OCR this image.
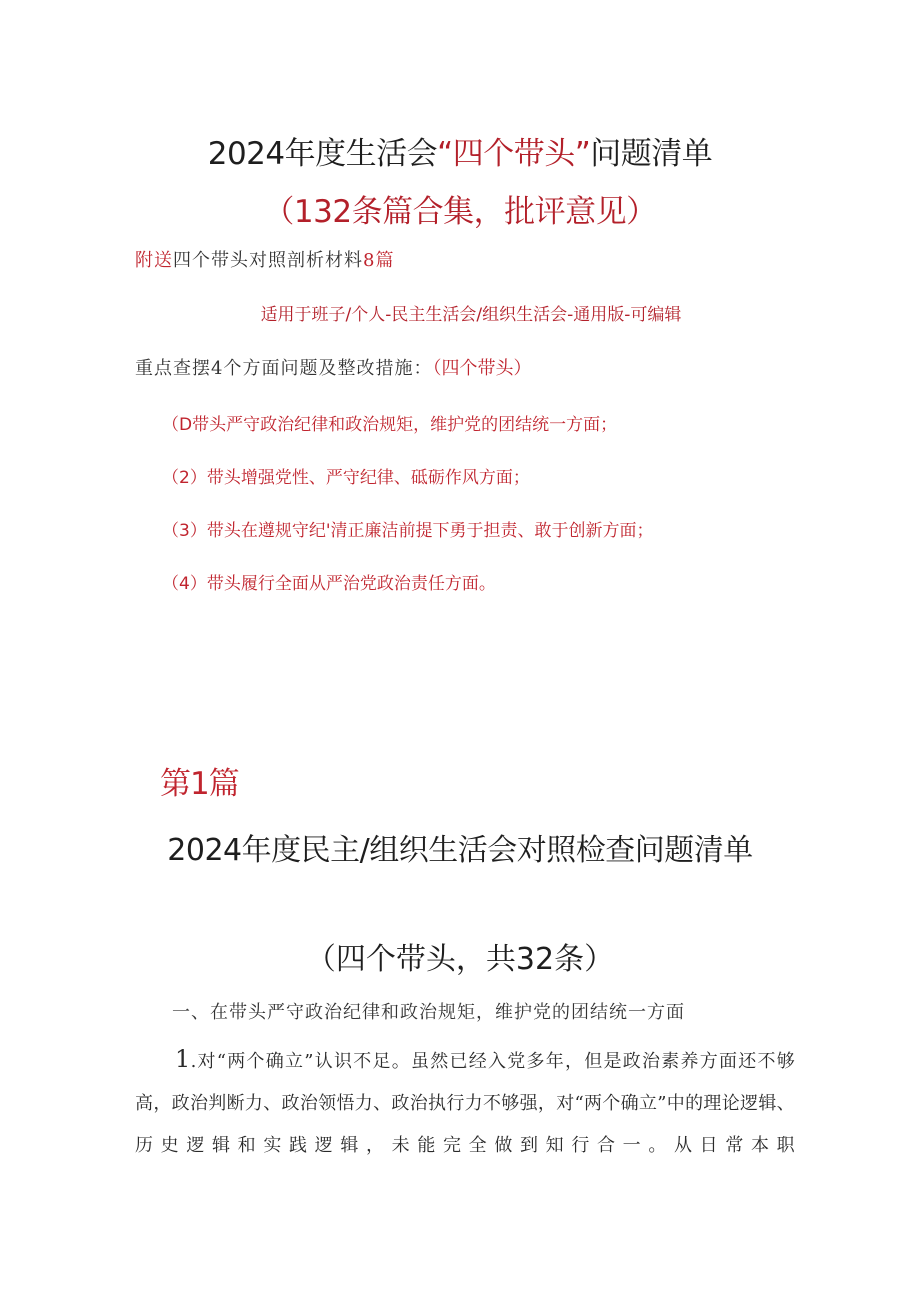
2024年度生活会“四个带头”问题清单
（132条篇合集，批评意见）
附送四个带头对照剖析材料8篇
适用于班子/个人-民主生活会/组织生活会-通用版-可编辑
重点查摆4个方面问题及整改措施：（四个带头）
（D带头严守政治纪律和政治规矩，维护党的团结统一方面；
（2）带头增强党性、严守纪律、砥砺作风方面；
（3）带头在遵规守纪'清正廉洁前提下勇于担责、敢于创新方面；
（4）带头履行全面从严治党政治责任方面。
第1篇
2024年度民主/组织生活会对照检查问题清单
（四个带头，共32条）
一、在带头严守政治纪律和政治规矩，维护党的团结统一方面
1.对“两个确立”认识不足。虽然已经入党多年，但是政治素养方面还不够高，政治判断力、政治领悟力、政治执行力不够强，对“两个确立”中的理论逻辑、历史逻辑和实践逻辑，未能完全做到知行合一。从日常本职
